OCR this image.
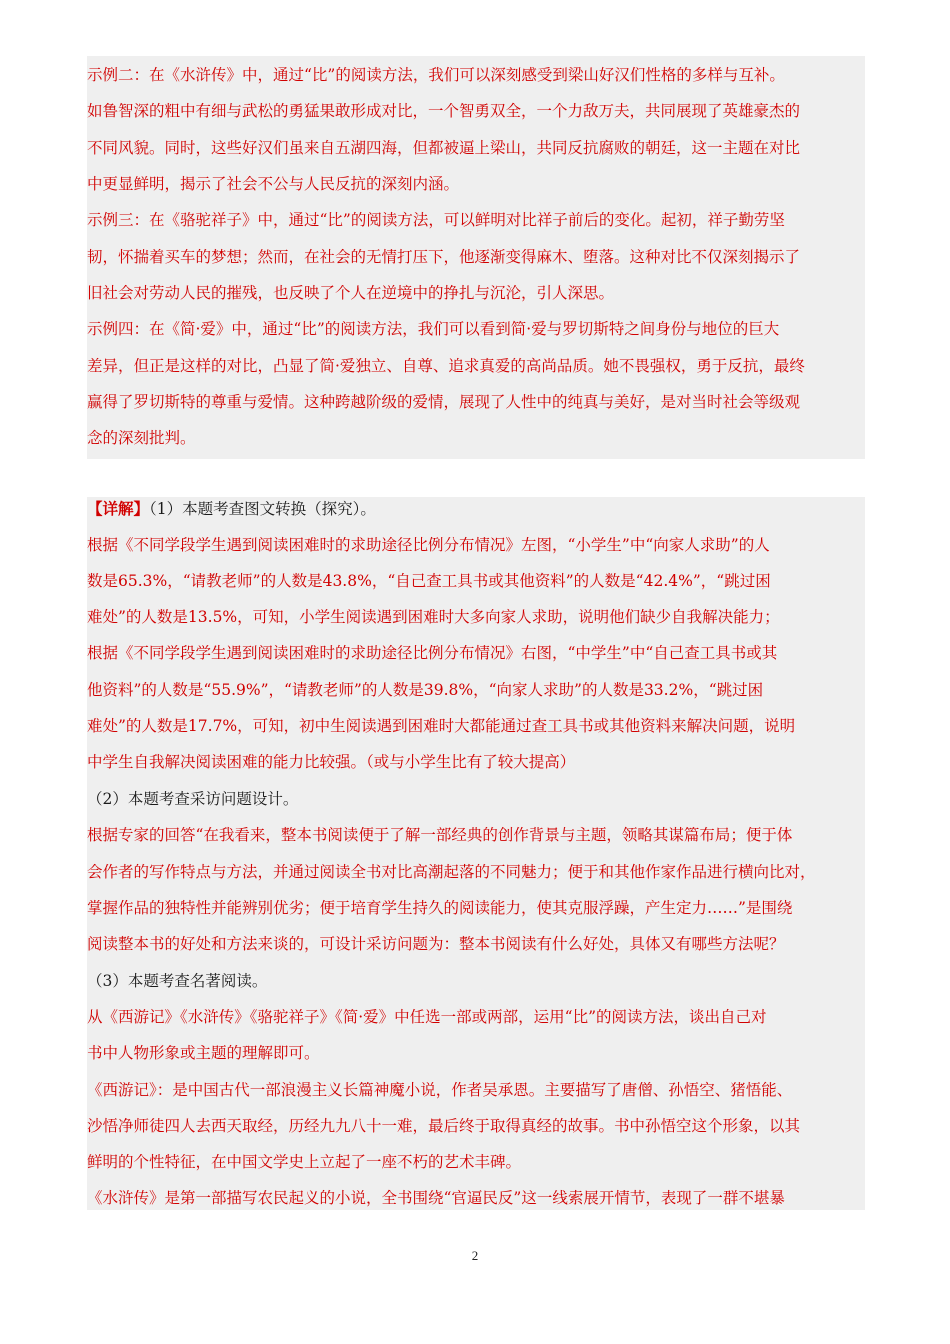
示例二：在《水浒传》中，通过“比”的阅读方法，我们可以深刻感受到梁山好汉们性格的多样与互补。
如鲁智深的粗中有细与武松的勇猛果敢形成对比，一个智勇双全，一个力敌万夫，共同展现了英雄豪杰的
不同风貌。同时，这些好汉们虽来自五湖四海，但都被逼上梁山，共同反抗腐败的朝廷，这一主题在对比
中更显鲜明，揭示了社会不公与人民反抗的深刻内涵。
示例三：在《骆驼祥子》中，通过“比”的阅读方法，可以鲜明对比祥子前后的变化。起初，祥子勤劳坚
韧，怀揣着买车的梦想；然而，在社会的无情打压下，他逐渐变得麻木、堕落。这种对比不仅深刻揭示了
旧社会对劳动人民的摧残，也反映了个人在逆境中的挣扎与沉沦，引人深思。
示例四：在《简·爱》中，通过“比”的阅读方法，我们可以看到简·爱与罗切斯特之间身份与地位的巨大
差异，但正是这样的对比，凸显了简·爱独立、自尊、追求真爱的高尚品质。她不畏强权，勇于反抗，最终
赢得了罗切斯特的尊重与爱情。这种跨越阶级的爱情，展现了人性中的纯真与美好，是对当时社会等级观
念的深刻批判。
【详解】（1）本题考查图文转换（探究）。
根据《不同学段学生遇到阅读困难时的求助途径比例分布情况》左图，“小学生”中“向家人求助”的人
数是65.3%，“请教老师”的人数是43.8%，“自己查工具书或其他资料”的人数是“42.4%”，“跳过困
难处”的人数是13.5%，可知，小学生阅读遇到困难时大多向家人求助，说明他们缺少自我解决能力；
根据《不同学段学生遇到阅读困难时的求助途径比例分布情况》右图，“中学生”中“自己查工具书或其
他资料”的人数是“55.9%”，“请教老师”的人数是39.8%，“向家人求助”的人数是33.2%，“跳过困
难处”的人数是17.7%，可知，初中生阅读遇到困难时大都能通过查工具书或其他资料来解决问题，说明
中学生自我解决阅读困难的能力比较强。（或与小学生比有了较大提高）
（2）本题考查采访问题设计。
根据专家的回答“在我看来，整本书阅读便于了解一部经典的创作背景与主题，领略其谋篇布局；便于体
会作者的写作特点与方法，并通过阅读全书对比高潮起落的不同魅力；便于和其他作家作品进行横向比对，
掌握作品的独特性并能辨别优劣；便于培育学生持久的阅读能力，使其克服浮躁，产生定力……”是围绕
阅读整本书的好处和方法来谈的，可设计采访问题为：整本书阅读有什么好处，具体又有哪些方法呢？
（3）本题考查名著阅读。
从《西游记》《水浒传》《骆驼祥子》《简·爱》中任选一部或两部，运用“比”的阅读方法，谈出自己对
书中人物形象或主题的理解即可。
《西游记》：是中国古代一部浪漫主义长篇神魔小说，作者吴承恩。主要描写了唐僧、孙悟空、猪悟能、
沙悟净师徒四人去西天取经，历经九九八十一难，最后终于取得真经的故事。书中孙悟空这个形象，以其
鲜明的个性特征，在中国文学史上立起了一座不朽的艺术丰碑。
《水浒传》是第一部描写农民起义的小说，全书围绕“官逼民反”这一线索展开情节，表现了一群不堪暴
2
